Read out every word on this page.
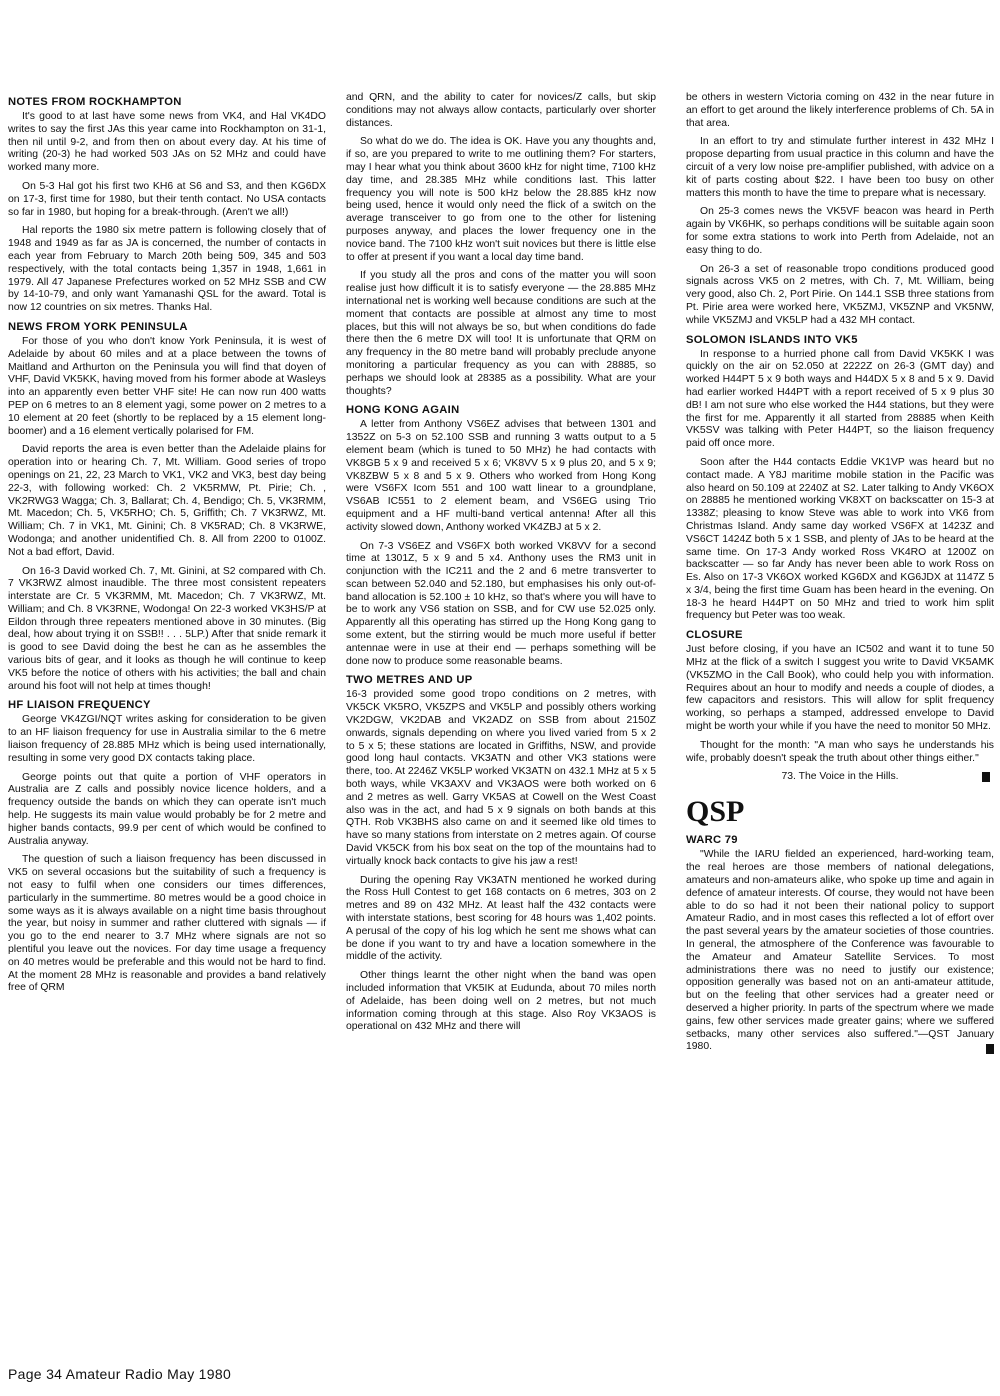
NOTES FROM ROCKHAMPTON

It's good to at last have some news from VK4, and Hal VK4DO writes to say the first JAs this year came into Rockhampton on 31-1, then nil until 9-2, and from then on about every day. At his time of writing (20-3) he had worked 503 JAs on 52 MHz and could have worked many more.

On 5-3 Hal got his first two KH6 at S6 and S3, and then KG6DX on 17-3, first time for 1980, but their tenth contact. No USA contacts so far in 1980, but hoping for a break-through. (Aren't we all!)

Hal reports the 1980 six metre pattern is following closely that of 1948 and 1949 as far as JA is concerned, the number of contacts in each year from February to March 20th being 509, 345 and 503 respectively, with the total contacts being 1,357 in 1948, 1,661 in 1979. All 47 Japanese Prefectures worked on 52 MHz SSB and CW by 14-10-79, and only want Yamanashi QSL for the award. Total is now 12 countries on six metres. Thanks Hal.

NEWS FROM YORK PENINSULA

For those of you who don't know York Peninsula, it is west of Adelaide by about 60 miles and at a place between the towns of Maitland and Arthurton on the Peninsula you will find that doyen of VHF, David VK5KK, having moved from his former abode at Wasleys into an apparently even better VHF site! He can now run 400 watts PEP on 6 metres to an 8 element yagi, some power on 2 metres to a 10 element at 20 feet (shortly to be replaced by a 15 element long-boomer) and a 16 element vertically polarised for FM.

David reports the area is even better than the Adelaide plains for operation into or hearing Ch. 7, Mt. William. Good series of tropo openings on 21, 22, 23 March to VK1, VK2 and VK3, best day being 22-3, with following worked: Ch. 2 VK5RMW, Pt. Pirie; Ch. , VK2RWG3 Wagga; Ch. 3, Ballarat; Ch. 4, Bendigo; Ch. 5, VK3RMM, Mt. Macedon; Ch. 5, VK5RHO; Ch. 5, Griffith; Ch. 7 VK3RWZ, Mt. William; Ch. 7 in VK1, Mt. Ginini; Ch. 8 VK5RAD; Ch. 8 VK3RWE, Wodonga; and another unidentified Ch. 8. All from 2200 to 0100Z. Not a bad effort, David.

On 16-3 David worked Ch. 7, Mt. Ginini, at S2 compared with Ch. 7 VK3RWZ almost inaudible. The three most consistent repeaters interstate are Cr. 5 VK3RMM, Mt. Macedon; Ch. 7 VK3RWZ, Mt. William; and Ch. 8 VK3RNE, Wodonga! On 22-3 worked VK3HS/P at Eildon through three repeaters mentioned above in 30 minutes. (Big deal, how about trying it on SSB!! . . . 5LP.) After that snide remark it is good to see David doing the best he can as he assembles the various bits of gear, and it looks as though he will continue to keep VK5 before the notice of others with his activities; the ball and chain around his foot will not help at times though!

HF LIAISON FREQUENCY

George VK4ZGI/NQT writes asking for consideration to be given to an HF liaison frequency for use in Australia similar to the 6 metre liaison frequency of 28.885 MHz which is being used internationally, resulting in some very good DX contacts taking place.

George points out that quite a portion of VHF operators in Australia are Z calls and possibly novice licence holders, and a frequency outside the bands on which they can operate isn't much help. He suggests its main value would probably be for 2 metre and higher bands contacts, 99.9 per cent of which would be confined to Australia anyway.

The question of such a liaison frequency has been discussed in VK5 on several occasions but the suitability of such a frequency is not easy to fulfil when one considers our times differences, particularly in the summertime. 80 metres would be a good choice in some ways as it is always available on a night time basis throughout the year, but noisy in summer and rather cluttered with signals — if you go to the end nearer to 3.7 MHz where signals are not so plentiful you leave out the novices. For day time usage a frequency on 40 metres would be preferable and this would not be hard to find. At the moment 28 MHz is reasonable and provides a band relatively free of QRM

and QRN, and the ability to cater for novices/Z calls, but skip conditions may not always allow contacts, particularly over shorter distances.

So what do we do. The idea is OK. Have you any thoughts and, if so, are you prepared to write to me outlining them? For starters, may I hear what you think about 3600 kHz for night time, 7100 kHz day time, and 28.385 MHz while conditions last. This latter frequency you will note is 500 kHz below the 28.885 kHz now being used, hence it would only need the flick of a switch on the average transceiver to go from one to the other for listening purposes anyway, and places the lower frequency one in the novice band. The 7100 kHz won't suit novices but there is little else to offer at present if you want a local day time band.

If you study all the pros and cons of the matter you will soon realise just how difficult it is to satisfy everyone — the 28.885 MHz international net is working well because conditions are such at the moment that contacts are possible at almost any time to most places, but this will not always be so, but when conditions do fade there then the 6 metre DX will too! It is unfortunate that QRM on any frequency in the 80 metre band will probably preclude anyone monitoring a particular frequency as you can with 28885, so perhaps we should look at 28385 as a possibility. What are your thoughts?

HONG KONG AGAIN

A letter from Anthony VS6EZ advises that between 1301 and 1352Z on 5-3 on 52.100 SSB and running 3 watts output to a 5 element beam (which is tuned to 50 MHz) he had contacts with VK8GB 5 x 9 and received 5 x 6; VK8VV 5 x 9 plus 20, and 5 x 9; VK8ZBW 5 x 8 and 5 x 9. Others who worked from Hong Kong were VS6FX Icom 551 and 100 watt linear to a groundplane, VS6AB IC551 to 2 element beam, and VS6EG using Trio equipment and a HF multi-band vertical antenna! After all this activity slowed down, Anthony worked VK4ZBJ at 5 x 2.

On 7-3 VS6EZ and VS6FX both worked VK8VV for a second time at 1301Z, 5 x 9 and 5 x4. Anthony uses the RM3 unit in conjunction with the IC211 and the 2 and 6 metre transverter to scan between 52.040 and 52.180, but emphasises his only out-of-band allocation is 52.100 ± 10 kHz, so that's where you will have to be to work any VS6 station on SSB, and for CW use 52.025 only. Apparently all this operating has stirred up the Hong Kong gang to some extent, but the stirring would be much more useful if better antennae were in use at their end — perhaps something will be done now to produce some reasonable beams.

TWO METRES AND UP

16-3 provided some good tropo conditions on 2 metres, with VK5CK VK5RO, VK5ZPS and VK5LP and possibly others working VK2DGW, VK2DAB and VK2ADZ on SSB from about 2150Z onwards, signals depending on where you lived varied from 5 x 2 to 5 x 5; these stations are located in Griffiths, NSW, and provide good long haul contacts. VK3ATN and other VK3 stations were there, too. At 2246Z VK5LP worked VK3ATN on 432.1 MHz at 5 x 5 both ways, while VK3AXV and VK3AOS were both worked on 6 and 2 metres as well. Garry VK5AS at Cowell on the West Coast also was in the act, and had 5 x 9 signals on both bands at this QTH. Rob VK3BHS also came on and it seemed like old times to have so many stations from interstate on 2 metres again. Of course David VK5CK from his box seat on the top of the mountains had to virtually knock back contacts to give his jaw a rest!

During the opening Ray VK3ATN mentioned he worked during the Ross Hull Contest to get 168 contacts on 6 metres, 303 on 2 metres and 89 on 432 MHz. At least half the 432 contacts were with interstate stations, best scoring for 48 hours was 1,402 points. A perusal of the copy of his log which he sent me shows what can be done if you want to try and have a location somewhere in the middle of the activity.

Other things learnt the other night when the band was open included information that VK5IK at Eudunda, about 70 miles north of Adelaide, has been doing well on 2 metres, but not much information coming through at this stage. Also Roy VK3AOS is operational on 432 MHz and there will

be others in western Victoria coming on 432 in the near future in an effort to get around the likely interference problems of Ch. 5A in that area.

In an effort to try and stimulate further interest in 432 MHz I propose departing from usual practice in this column and have the circuit of a very low noise pre-amplifier published, with advice on a kit of parts costing about $22. I have been too busy on other matters this month to have the time to prepare what is necessary.

On 25-3 comes news the VK5VF beacon was heard in Perth again by VK6HK, so perhaps conditions will be suitable again soon for some extra stations to work into Perth from Adelaide, not an easy thing to do.

On 26-3 a set of reasonable tropo conditions produced good signals across VK5 on 2 metres, with Ch. 7, Mt. William, being very good, also Ch. 2, Port Pirie. On 144.1 SSB three stations from Pt. Pirie area were worked here, VK5ZMJ, VK5ZNP and VK5NW, while VK5ZMJ and VK5LP had a 432 MH contact.

SOLOMON ISLANDS INTO VK5

In response to a hurried phone call from David VK5KK I was quickly on the air on 52.050 at 2222Z on 26-3 (GMT day) and worked H44PT 5 x 9 both ways and H44DX 5 x 8 and 5 x 9. David had earlier worked H44PT with a report received of 5 x 9 plus 30 dB! I am not sure who else worked the H44 stations, but they were the first for me. Apparently it all started from 28885 when Keith VK5SV was talking with Peter H44PT, so the liaison frequency paid off once more.

Soon after the H44 contacts Eddie VK1VP was heard but no contact made. A Y8J maritime mobile station in the Pacific was also heard on 50.109 at 2240Z at S2. Later talking to Andy VK6OX on 28885 he mentioned working VK8XT on backscatter on 15-3 at 1338Z; pleasing to know Steve was able to work into VK6 from Christmas Island. Andy same day worked VS6FX at 1423Z and VS6CT 1424Z both 5 x 1 SSB, and plenty of JAs to be heard at the same time. On 17-3 Andy worked Ross VK4RO at 1200Z on backscatter — so far Andy has never been able to work Ross on Es. Also on 17-3 VK6OX worked KG6DX and KG6JDX at 1147Z 5 x 3/4, being the first time Guam has been heard in the evening. On 18-3 he heard H44PT on 50 MHz and tried to work him split frequency but Peter was too weak.

CLOSURE

Just before closing, if you have an IC502 and want it to tune 50 MHz at the flick of a switch I suggest you write to David VK5AMK (VK5ZMO in the Call Book), who could help you with information. Requires about an hour to modify and needs a couple of diodes, a few capacitors and resistors. This will allow for split frequency working, so perhaps a stamped, addressed envelope to David might be worth your while if you have the need to monitor 50 MHz.

Thought for the month: "A man who says he understands his wife, probably doesn't speak the truth about other things either."

73. The Voice in the Hills.
QSP
WARC 79

"While the IARU fielded an experienced, hard-working team, the real heroes are those members of national delegations, amateurs and non-amateurs alike, who spoke up time and again in defence of amateur interests. Of course, they would not have been able to do so had it not been their national policy to support Amateur Radio, and in most cases this reflected a lot of effort over the past several years by the amateur societies of those countries. In general, the atmosphere of the Conference was favourable to the Amateur and Amateur Satellite Services. To most administrations there was no need to justify our existence; opposition generally was based not on an anti-amateur attitude, but on the feeling that other services had a greater need or deserved a higher priority. In parts of the spectrum where we made gains, few other services made greater gains; where we suffered setbacks, many other services also suffered."—QST January 1980.

Page 34 Amateur Radio May 1980
